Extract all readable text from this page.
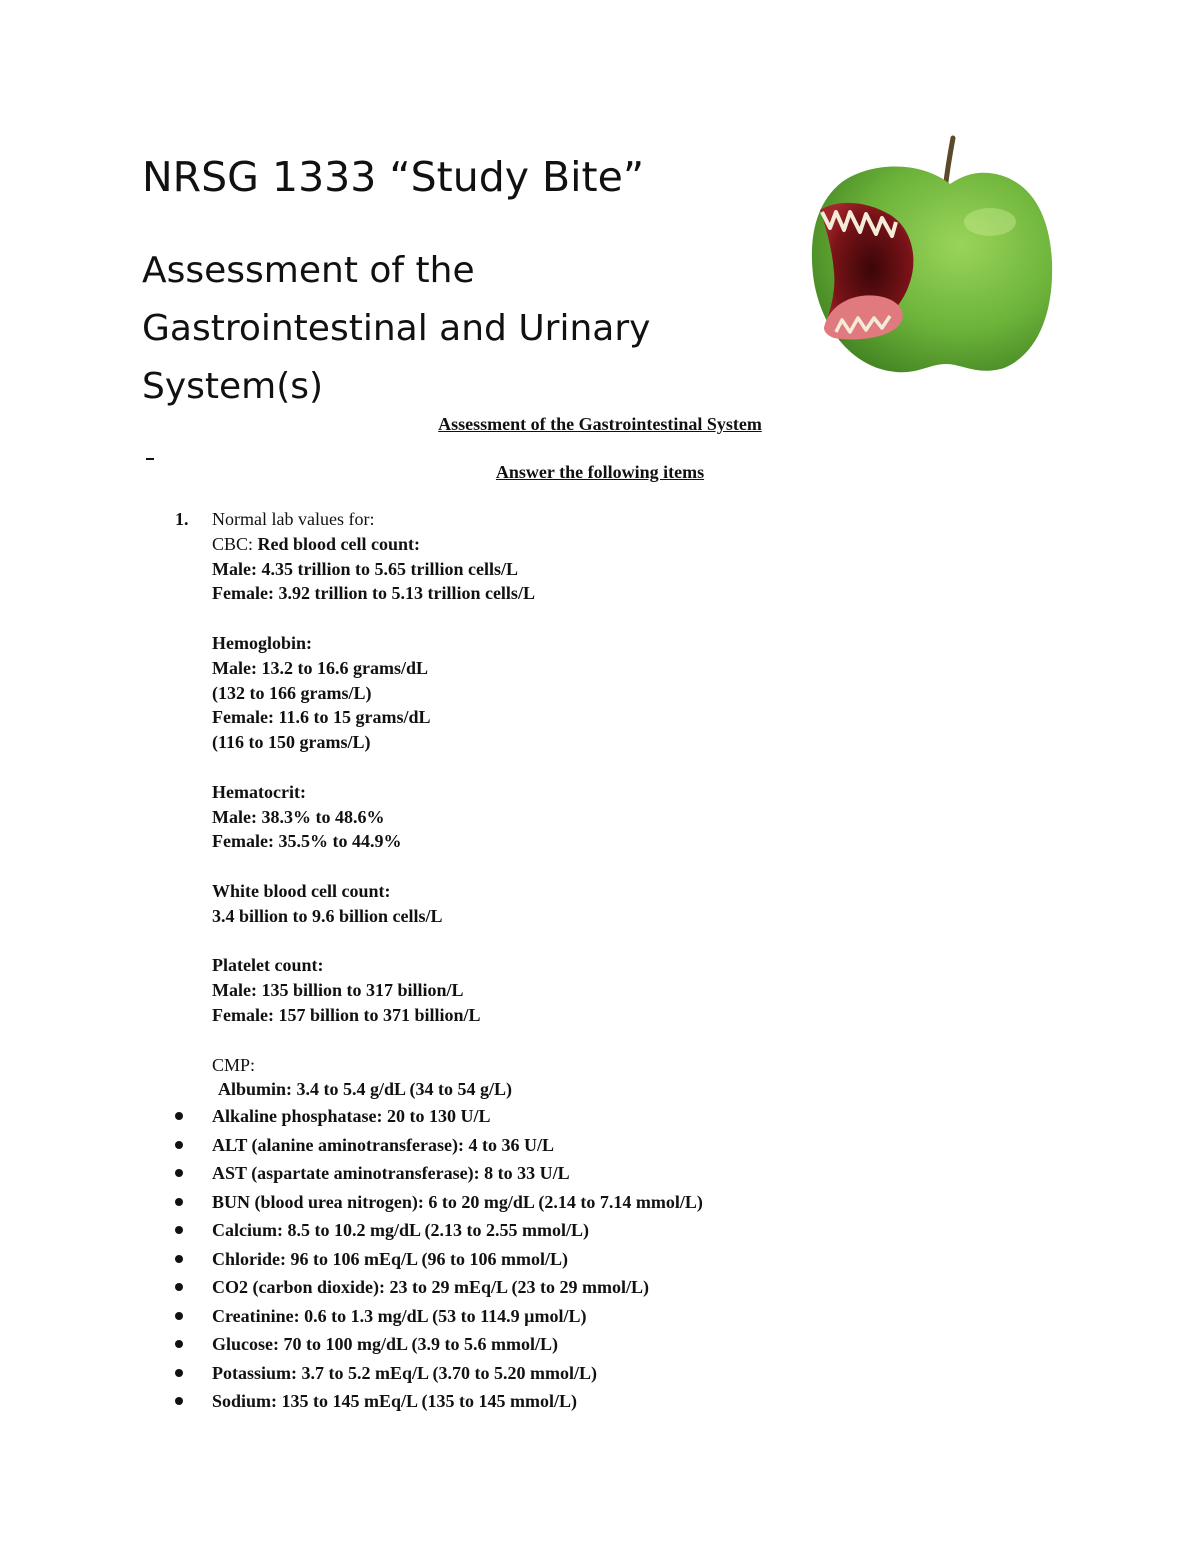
NRSG 1333 “Study Bite”
Assessment of the
Gastrointestinal and Urinary
System(s)
Assessment of the Gastrointestinal System
Answer the following items
1. Normal lab values for:
CBC: Red blood cell count:
Male: 4.35 trillion to 5.65 trillion cells/L
Female: 3.92 trillion to 5.13 trillion cells/L
Hemoglobin:
Male: 13.2 to 16.6 grams/dL
(132 to 166 grams/L)
Female: 11.6 to 15 grams/dL
(116 to 150 grams/L)
Hematocrit:
Male: 38.3% to 48.6%
Female: 35.5% to 44.9%
White blood cell count:
3.4 billion to 9.6 billion cells/L
Platelet count:
Male: 135 billion to 317 billion/L
Female: 157 billion to 371 billion/L
CMP:
Albumin: 3.4 to 5.4 g/dL (34 to 54 g/L)
Alkaline phosphatase: 20 to 130 U/L
ALT (alanine aminotransferase): 4 to 36 U/L
AST (aspartate aminotransferase): 8 to 33 U/L
BUN (blood urea nitrogen): 6 to 20 mg/dL (2.14 to 7.14 mmol/L)
Calcium: 8.5 to 10.2 mg/dL (2.13 to 2.55 mmol/L)
Chloride: 96 to 106 mEq/L (96 to 106 mmol/L)
CO2 (carbon dioxide): 23 to 29 mEq/L (23 to 29 mmol/L)
Creatinine: 0.6 to 1.3 mg/dL (53 to 114.9 µmol/L)
Glucose: 70 to 100 mg/dL (3.9 to 5.6 mmol/L)
Potassium: 3.7 to 5.2 mEq/L (3.70 to 5.20 mmol/L)
Sodium: 135 to 145 mEq/L (135 to 145 mmol/L)
